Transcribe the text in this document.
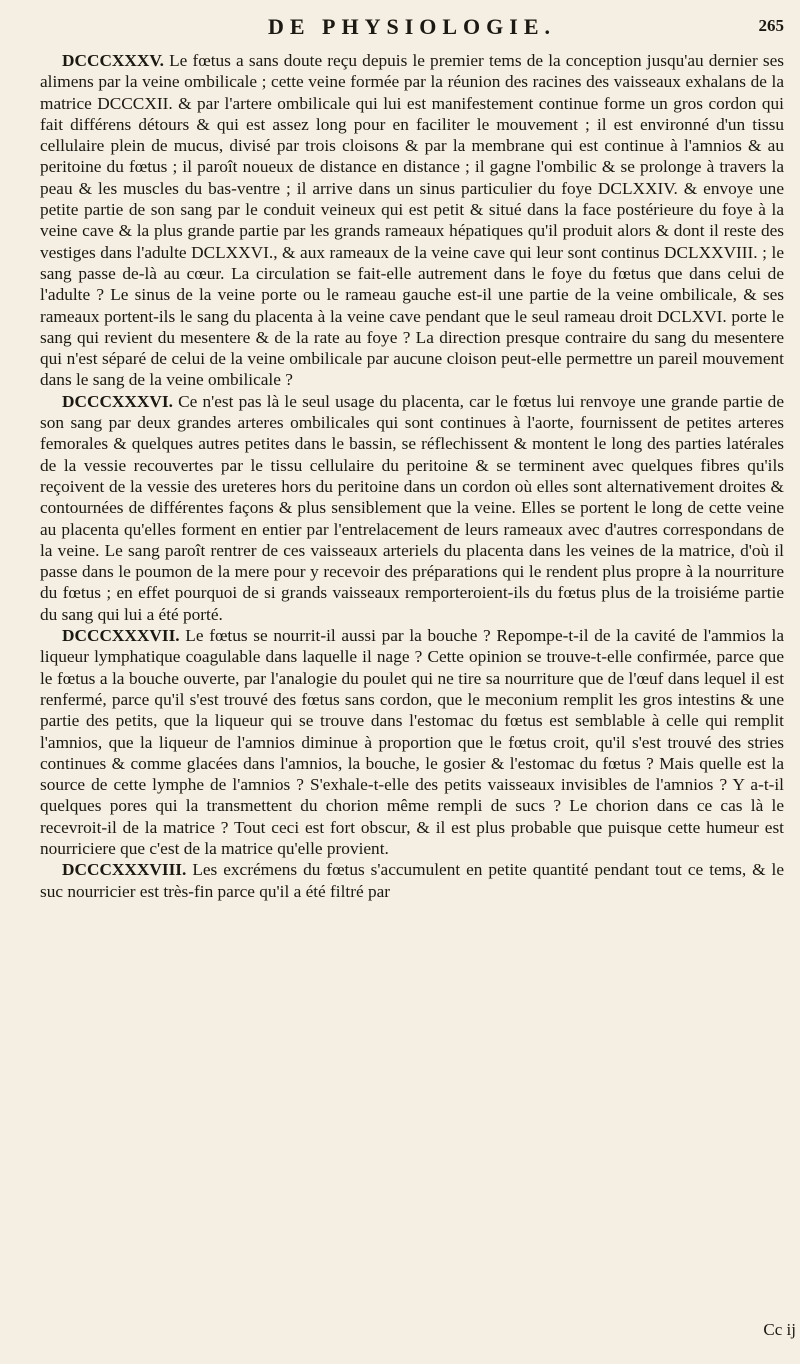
DE PHYSIOLOGIE.	265

DCCCXXXV. Le fœtus a sans doute reçu depuis le premier tems de la conception jusqu'au dernier ses alimens par la veine ombilicale ; cette veine formée par la réunion des racines des vaisseaux exhalans de la matrice DCCCXII. & par l'artere ombilicale qui lui est manifestement continue forme un gros cordon qui fait différens détours & qui est assez long pour en faciliter le mouvement ; il est environné d'un tissu cellulaire plein de mucus, divisé par trois cloisons & par la membrane qui est continue à l'amnios & au peritoine du fœtus ; il paroît noueux de distance en distance ; il gagne l'ombilic & se prolonge à travers la peau & les muscles du bas-ventre ; il arrive dans un sinus particulier du foye DCLXXIV. & envoye une petite partie de son sang par le conduit veineux qui est petit & situé dans la face postérieure du foye à la veine cave & la plus grande partie par les grands rameaux hépatiques qu'il produit alors & dont il reste des vestiges dans l'adulte DCLXXVI., & aux rameaux de la veine cave qui leur sont continus DCLXXVIII. ; le sang passe de-là au cœur. La circulation se fait-elle autrement dans le foye du fœtus que dans celui de l'adulte ? Le sinus de la veine porte ou le rameau gauche est-il une partie de la veine ombilicale, & ses rameaux portent-ils le sang du placenta à la veine cave pendant que le seul rameau droit DCLXVI. porte le sang qui revient du mesentere & de la rate au foye ? La direction presque contraire du sang du mesentere qui n'est séparé de celui de la veine ombilicale par aucune cloison peut-elle permettre un pareil mouvement dans le sang de la veine ombilicale ?

DCCCXXXVI. Ce n'est pas là le seul usage du placenta, car le fœtus lui renvoye une grande partie de son sang par deux grandes arteres ombilicales qui sont continues à l'aorte, fournissent de petites arteres femorales & quelques autres petites dans le bassin, se réflechissent & montent le long des parties latérales de la vessie recouvertes par le tissu cellulaire du peritoine & se terminent avec quelques fibres qu'ils reçoivent de la vessie des ureteres hors du peritoine dans un cordon où elles sont alternativement droites & contournées de différentes façons & plus sensiblement que la veine. Elles se portent le long de cette veine au placenta qu'elles forment en entier par l'entrelacement de leurs rameaux avec d'autres correspondans de la veine. Le sang paroît rentrer de ces vaisseaux arteriels du placenta dans les veines de la matrice, d'où il passe dans le poumon de la mere pour y recevoir des préparations qui le rendent plus propre à la nourriture du fœtus ; en effet pourquoi de si grands vaisseaux remporteroient-ils du fœtus plus de la troisiéme partie du sang qui lui a été porté.

DCCCXXXVII. Le fœtus se nourrit-il aussi par la bouche ? Repompe-t-il de la cavité de l'ammios la liqueur lymphatique coagulable dans laquelle il nage ? Cette opinion se trouve-t-elle confirmée, parce que le fœtus a la bouche ouverte, par l'analogie du poulet qui ne tire sa nourriture que de l'œuf dans lequel il est renfermé, parce qu'il s'est trouvé des fœtus sans cordon, que le meconium remplit les gros intestins & une partie des petits, que la liqueur qui se trouve dans l'estomac du fœtus est semblable à celle qui remplit l'amnios, que la liqueur de l'amnios diminue à proportion que le fœtus croit, qu'il s'est trouvé des stries continues & comme glacées dans l'amnios, la bouche, le gosier & l'estomac du fœtus ? Mais quelle est la source de cette lymphe de l'amnios ? S'exhale-t-elle des petits vaisseaux invisibles de l'amnios ? Y a-t-il quelques pores qui la transmettent du chorion même rempli de sucs ? Le chorion dans ce cas là le recevroit-il de la matrice ? Tout ceci est fort obscur, & il est plus probable que puisque cette humeur est nourriciere que c'est de la matrice qu'elle provient.

DCCCXXXVIII. Les excrémens du fœtus s'accumulent en petite quantité pendant tout ce tems, & le suc nourricier est très-fin parce qu'il a été filtré par

Cc ij
